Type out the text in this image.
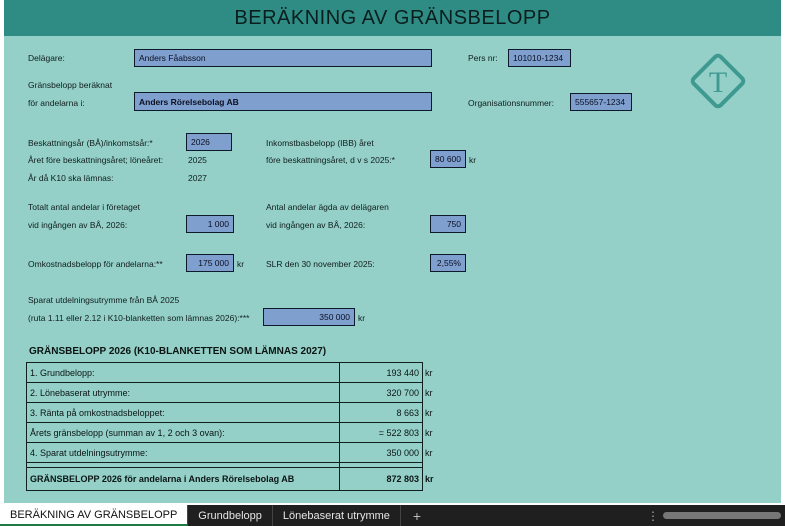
BERÄKNING AV GRÄNSBELOPP
Delägare:	Anders Fåabsson	Pers nr:	101010-1234
Gränsbelopp beräknat
för andelarna i:	Anders Rörelsebolag AB	Organisationsnummer:	555657-1234
T
Beskattningsår (BÅ)/inkomstsår:*	2026
Året före beskattningsåret; löneåret:	2025
År då K10 ska lämnas:	2027
Inkomstbasbelopp (IBB) året
före beskattningsåret, d v s 2025:*	80 600 kr
Totalt antal andelar i företaget
vid ingången av BÅ, 2026:	1 000
Antal andelar ägda av delägaren
vid ingången av BÅ, 2026:	750
Omkostnadsbelopp för andelarna:**	175 000 kr	SLR den 30 november 2025:	2,55%
Sparat utdelningsutrymme från BÅ 2025
(ruta 1.11 eller 2.12 i K10-blanketten som lämnas 2026):***	350 000 kr
GRÄNSBELOPP 2026 (K10-BLANKETTEN SOM LÄMNAS 2027)
1. Grundbelopp:	193 440	kr
2. Lönebaserat utrymme:	320 700	kr
3. Ränta på omkostnadsbeloppet:	8 663	kr
Årets gränsbelopp (summan av 1, 2 och 3 ovan):	= 522 803	kr
4. Sparat utdelningsutrymme:	350 000	kr

GRÄNSBELOPP 2026 för andelarna i Anders Rörelsebolag AB	872 803	kr
BERÄKNING AV GRÄNSBELOPP	Grundbelopp	Lönebaserat utrymme	+	⋮
